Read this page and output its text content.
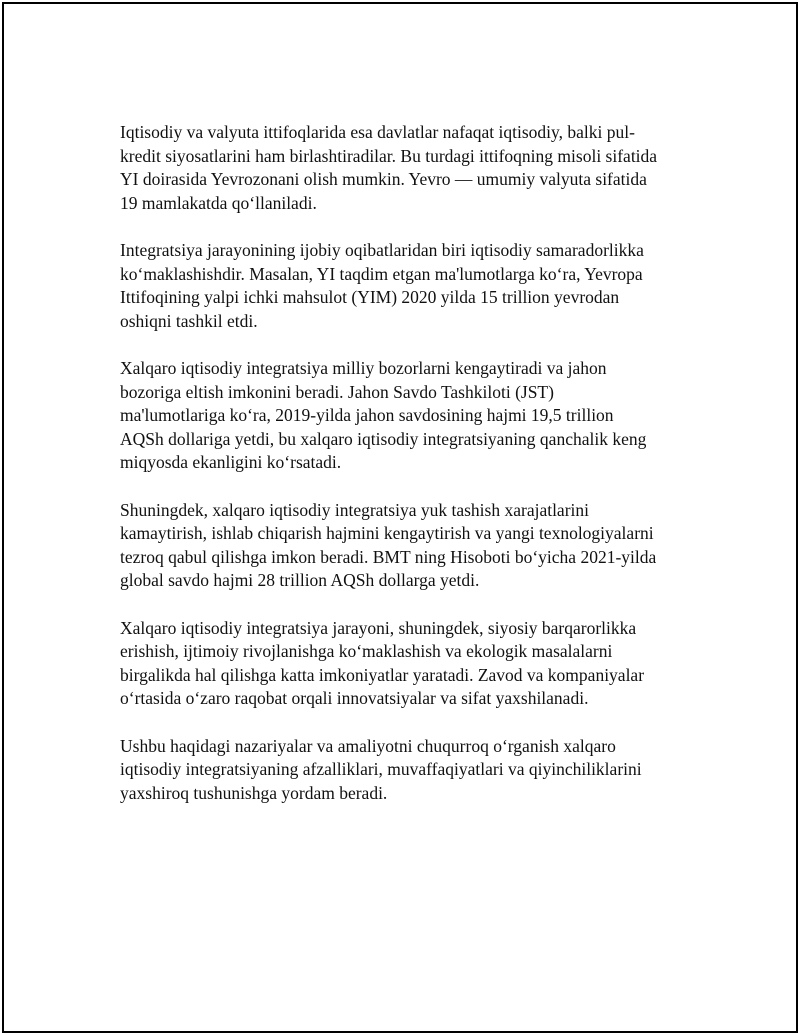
Iqtisodiy va valyuta ittifoqlarida esa davlatlar nafaqat iqtisodiy, balki pul-
kredit siyosatlarini ham birlashtiradilar. Bu turdagi ittifoqning misoli sifatida
YI doirasida Yevrozonani olish mumkin. Yevro — umumiy valyuta sifatida
19 mamlakatda qoʻllaniladi.
Integratsiya jarayonining ijobiy oqibatlaridan biri iqtisodiy samaradorlikka
koʻmaklashishdir. Masalan, YI taqdim etgan ma'lumotlarga koʻra, Yevropa
Ittifoqining yalpi ichki mahsulot (YIM) 2020 yilda 15 trillion yevrodan
oshiqni tashkil etdi.
Xalqaro iqtisodiy integratsiya milliy bozorlarni kengaytiradi va jahon
bozoriga eltish imkonini beradi. Jahon Savdo Tashkiloti (JST)
ma'lumotlariga koʻra, 2019-yilda jahon savdosining hajmi 19,5 trillion
AQSh dollariga yetdi, bu xalqaro iqtisodiy integratsiyaning qanchalik keng
miqyosda ekanligini koʻrsatadi.
Shuningdek, xalqaro iqtisodiy integratsiya yuk tashish xarajatlarini
kamaytirish, ishlab chiqarish hajmini kengaytirish va yangi texnologiyalarni
tezroq qabul qilishga imkon beradi. BMT ning Hisoboti boʻyicha 2021-yilda
global savdo hajmi 28 trillion AQSh dollarga yetdi.
Xalqaro iqtisodiy integratsiya jarayoni, shuningdek, siyosiy barqarorlikka
erishish, ijtimoiy rivojlanishga koʻmaklashish va ekologik masalalarni
birgalikda hal qilishga katta imkoniyatlar yaratadi. Zavod va kompaniyalar
oʻrtasida oʻzaro raqobat orqali innovatsiyalar va sifat yaxshilanadi.
Ushbu haqidagi nazariyalar va amaliyotni chuqurroq oʻrganish xalqaro
iqtisodiy integratsiyaning afzalliklari, muvaffaqiyatlari va qiyinchiliklarini
yaxshiroq tushunishga yordam beradi.
